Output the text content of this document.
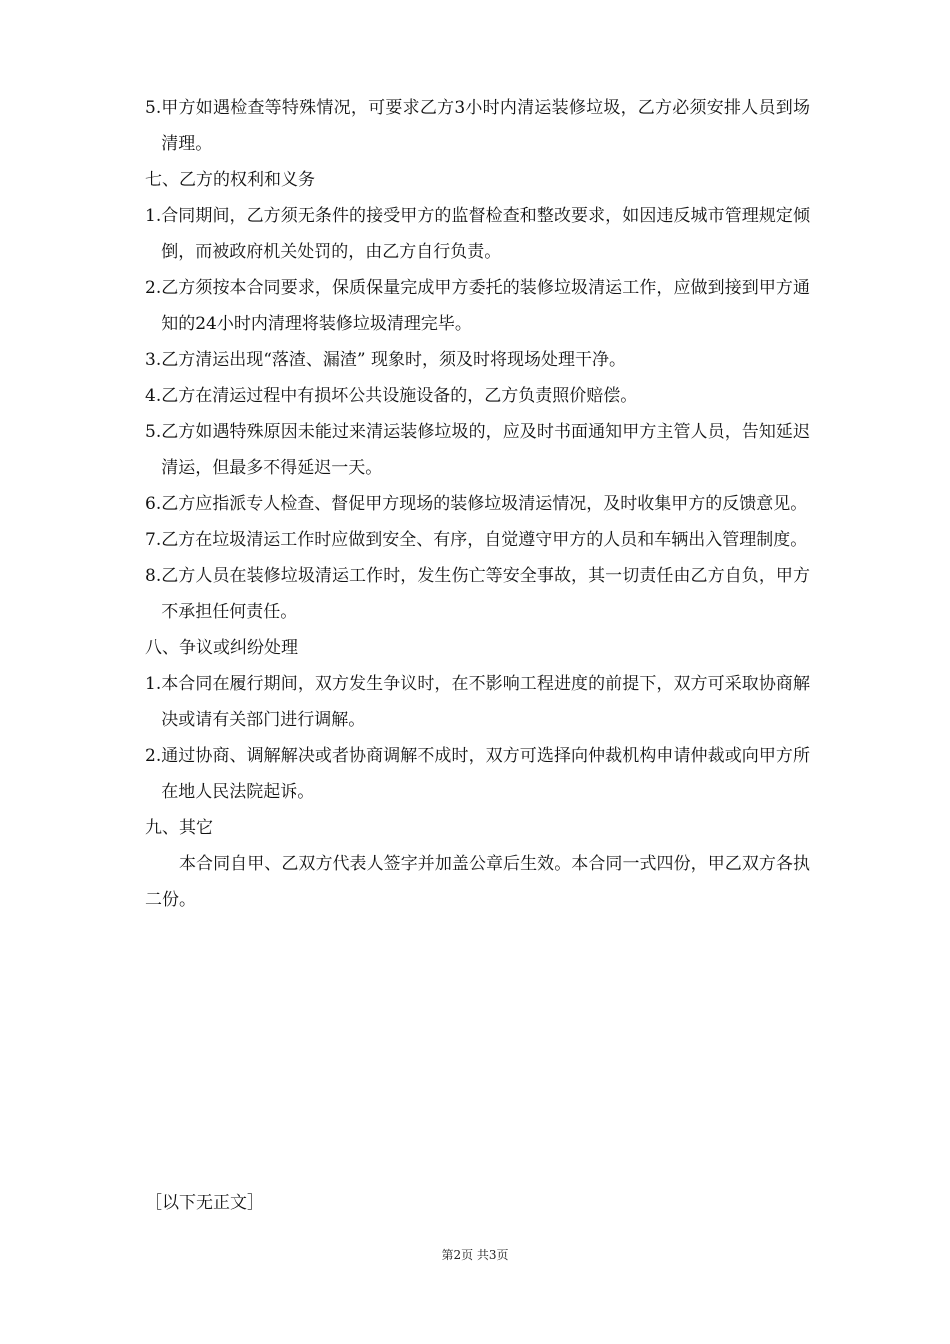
5. 甲方如遇检查等特殊情况，可要求乙方3小时内清运装修垃圾，乙方必须安排人员到场清理。
七、乙方的权利和义务
1. 合同期间，乙方须无条件的接受甲方的监督检查和整改要求，如因违反城市管理规定倾倒，而被政府机关处罚的，由乙方自行负责。
2. 乙方须按本合同要求，保质保量完成甲方委托的装修垃圾清运工作，应做到接到甲方通知的24小时内清理将装修垃圾清理完毕。
3. 乙方清运出现“落渣、漏渣” 现象时，须及时将现场处理干净。
4. 乙方在清运过程中有损坏公共设施设备的，乙方负责照价赔偿。
5. 乙方如遇特殊原因未能过来清运装修垃圾的，应及时书面通知甲方主管人员，告知延迟清运，但最多不得延迟一天。
6. 乙方应指派专人检查、督促甲方现场的装修垃圾清运情况，及时收集甲方的反馈意见。
7. 乙方在垃圾清运工作时应做到安全、有序，自觉遵守甲方的人员和车辆出入管理制度。
8. 乙方人员在装修垃圾清运工作时，发生伤亡等安全事故，其一切责任由乙方自负，甲方不承担任何责任。
八、争议或纠纷处理
1. 本合同在履行期间，双方发生争议时，在不影响工程进度的前提下，双方可采取协商解决或请有关部门进行调解。
2. 通过协商、调解解决或者协商调解不成时，双方可选择向仲裁机构申请仲裁或向甲方所在地人民法院起诉。
九、其它
本合同自甲、乙双方代表人签字并加盖公章后生效。本合同一式四份，甲乙双方各执二份。
［以下无正文］
第2页 共3页
